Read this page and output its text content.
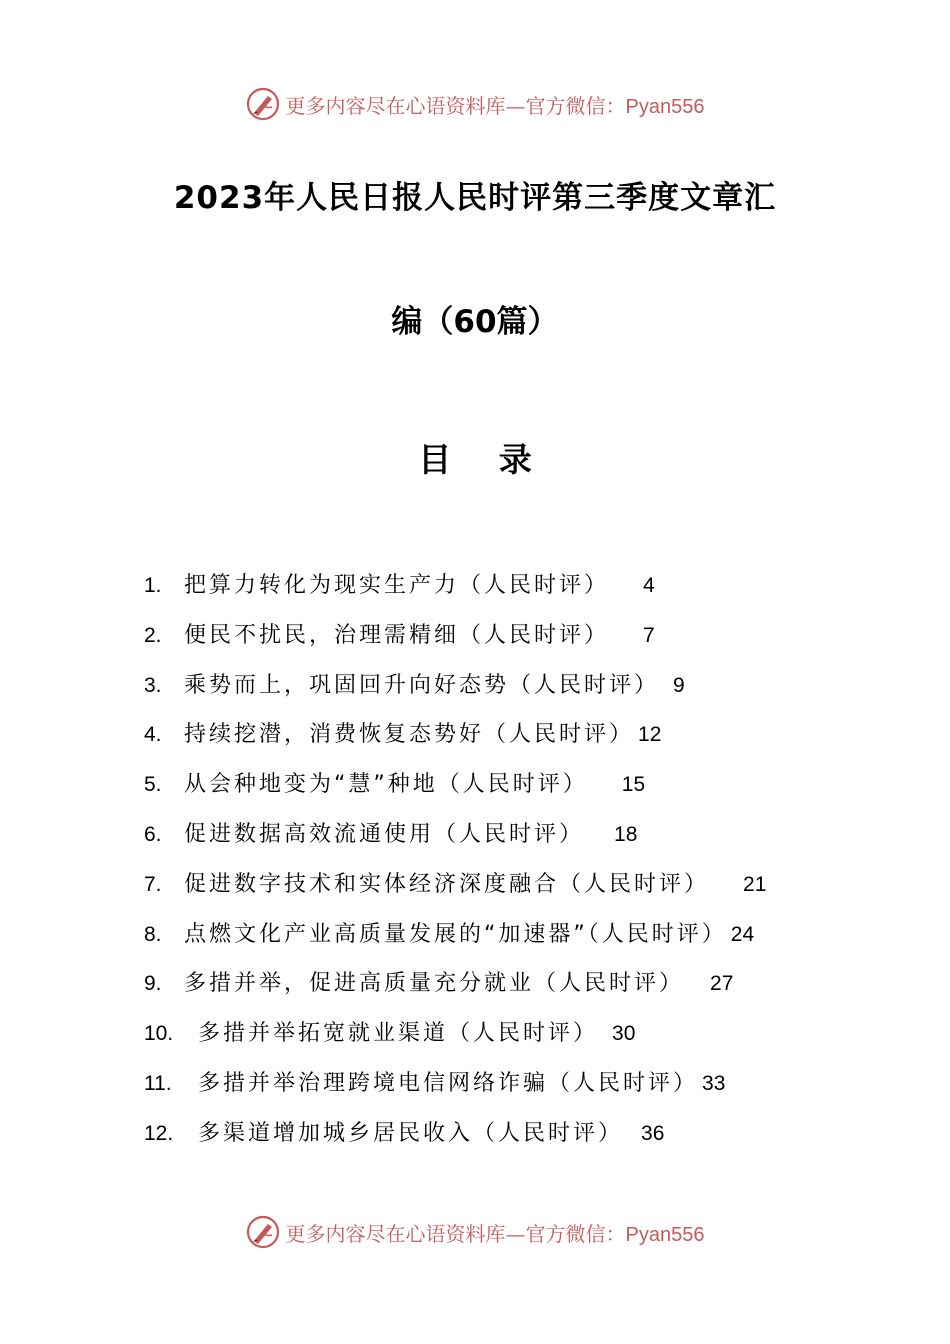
更多内容尽在心语资料库—官方微信：Pyan556
2023年人民日报人民时评第三季度文章汇
编（60篇）
目 录
1.	把算力转化为现实生产力（人民时评） 4
2.	便民不扰民，治理需精细（人民时评） 7
3.	乘势而上，巩固回升向好态势（人民时评） 9
4.	持续挖潜，消费恢复态势好（人民时评） 12
5.	从会种地变为“慧”种地（人民时评） 15
6.	促进数据高效流通使用（人民时评） 18
7.	促进数字技术和实体经济深度融合（人民时评） 21
8.	点燃文化产业高质量发展的“加速器”（人民时评） 24
9.	多措并举，促进高质量充分就业（人民时评） 27
10.	多措并举拓宽就业渠道（人民时评） 30
11.	多措并举治理跨境电信网络诈骗（人民时评） 33
12.	多渠道增加城乡居民收入（人民时评） 36
更多内容尽在心语资料库—官方微信：Pyan556
